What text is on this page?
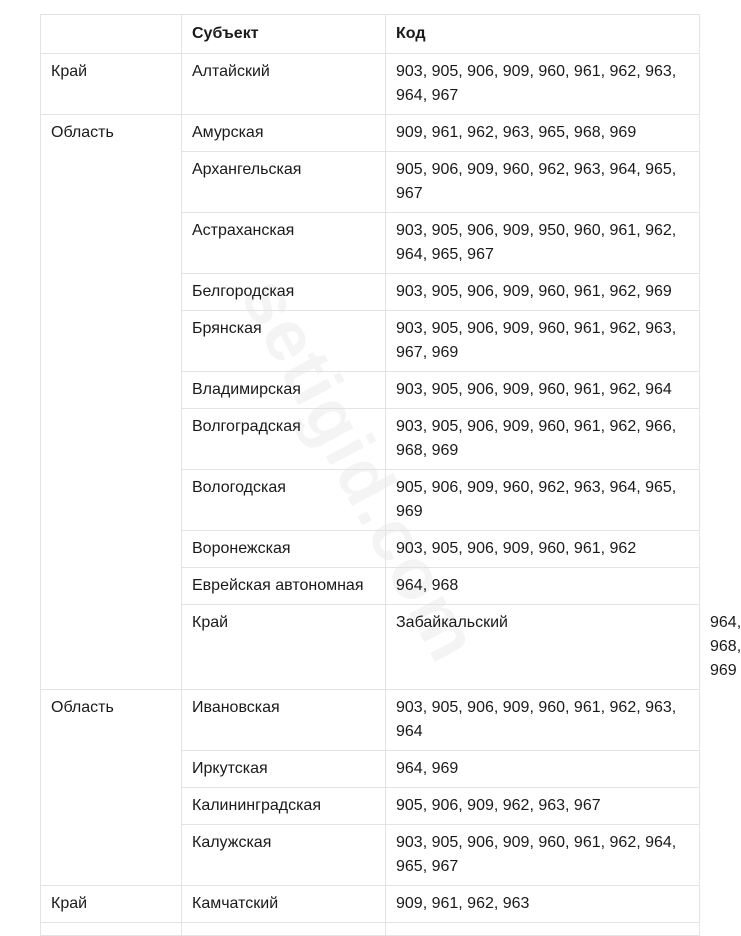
	Субъект	Код	
Край	Алтайский	903, 905, 906, 909, 960, 961, 962, 963, 964, 967	
Область	Амурская	909, 961, 962, 963, 965, 968, 969	
	Архангельская	905, 906, 909, 960, 962, 963, 964, 965, 967	
	Астраханская	903, 905, 906, 909, 950, 960, 961, 962, 964, 965, 967	
	Белгородская	903, 905, 906, 909, 960, 961, 962, 969	
	Брянская	903, 905, 906, 909, 960, 961, 962, 963, 967, 969	
	Владимирская	903, 905, 906, 909, 960, 961, 962, 964	
	Волгоградская	903, 905, 906, 909, 960, 961, 962, 966, 968, 969	
	Вологодская	905, 906, 909, 960, 962, 963, 964, 965, 969	
	Воронежская	903, 905, 906, 909, 960, 961, 962	
	Еврейская автономная	964, 968	
	Край	Забайкальский	964, 968, 969
Область	Ивановская	903, 905, 906, 909, 960, 961, 962, 963, 964	
	Иркутская	964, 969	
	Калининградская	905, 906, 909, 962, 963, 967	
	Калужская	903, 905, 906, 909, 960, 961, 962, 964, 965, 967	
Край	Камчатский	909, 961, 962, 963	
